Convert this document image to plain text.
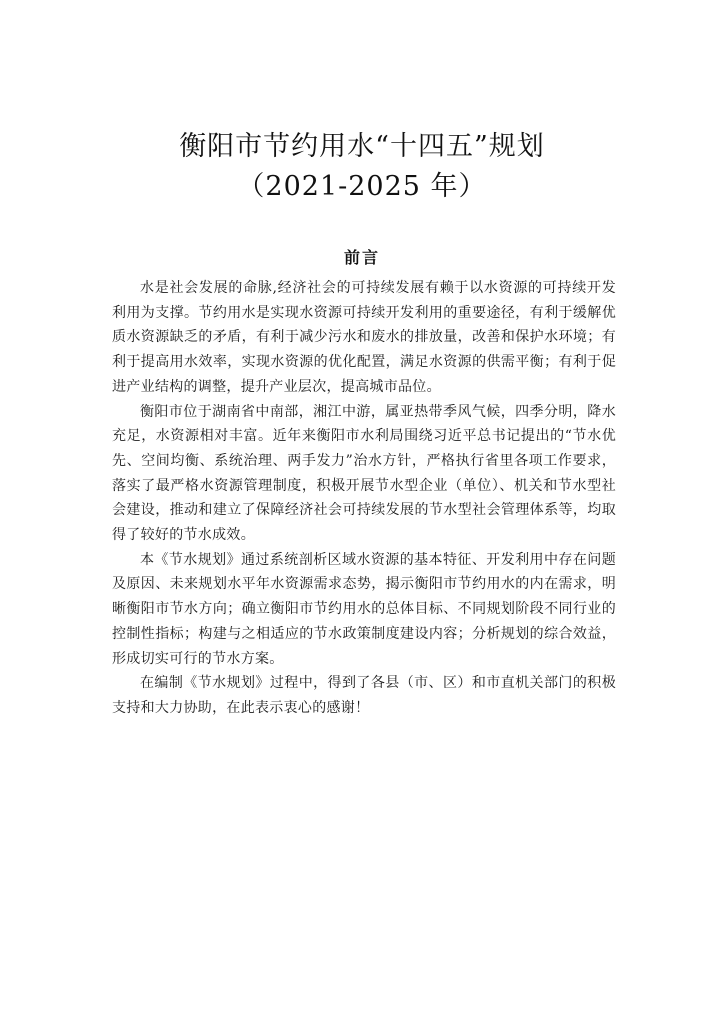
衡阳市节约用水“十四五”规划
（2021-2025 年）
前言

水是社会发展的命脉,经济社会的可持续发展有赖于以水资源的可持续开发利用为支撑。节约用水是实现水资源可持续开发利用的重要途径，有利于缓解优质水资源缺乏的矛盾，有利于减少污水和废水的排放量，改善和保护水环境；有利于提高用水效率，实现水资源的优化配置，满足水资源的供需平衡；有利于促进产业结构的调整，提升产业层次，提高城市品位。

衡阳市位于湖南省中南部，湘江中游，属亚热带季风气候，四季分明，降水充足，水资源相对丰富。近年来衡阳市水利局围绕习近平总书记提出的“节水优先、空间均衡、系统治理、两手发力”治水方针，严格执行省里各项工作要求，落实了最严格水资源管理制度，积极开展节水型企业（单位）、机关和节水型社会建设，推动和建立了保障经济社会可持续发展的节水型社会管理体系等，均取得了较好的节水成效。

本《节水规划》通过系统剖析区域水资源的基本特征、开发利用中存在问题及原因、未来规划水平年水资源需求态势，揭示衡阳市节约用水的内在需求，明晰衡阳市节水方向；确立衡阳市节约用水的总体目标、不同规划阶段不同行业的控制性指标；构建与之相适应的节水政策制度建设内容；分析规划的综合效益，形成切实可行的节水方案。

在编制《节水规划》过程中，得到了各县（市、区）和市直机关部门的积极支持和大力协助，在此表示衷心的感谢！
